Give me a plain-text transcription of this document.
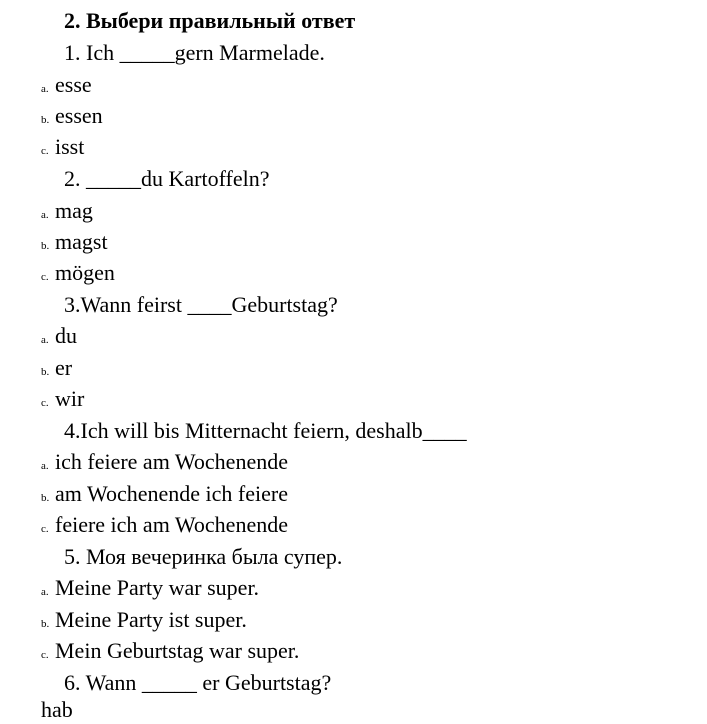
2. Выбери правильный ответ
1. Ich _____gern Marmelade.
a. esse
b. essen
c. isst
2. _____du Kartoffeln?
a. mag
b. magst
c. mögen
3.Wann feirst ____Geburtstag?
a. du
b. er
c. wir
4.Ich will bis Mitternacht feiern, deshalb____
a. ich feiere am Wochenende
b. am Wochenende ich feiere
c. feiere ich am Wochenende
5. Моя вечеринка была супер.
a. Meine Party war super.
b. Meine Party ist super.
c. Mein Geburtstag war super.
6. Wann _____ er Geburtstag?
hab
